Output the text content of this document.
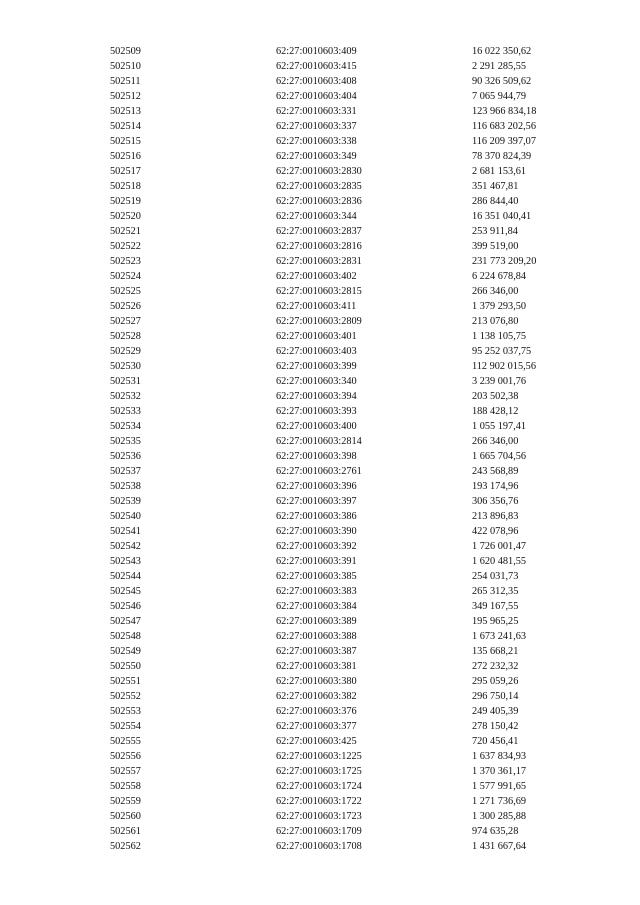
502509	62:27:0010603:409	16 022 350,62
502510	62:27:0010603:415	2 291 285,55
502511	62:27:0010603:408	90 326 509,62
502512	62:27:0010603:404	7 065 944,79
502513	62:27:0010603:331	123 966 834,18
502514	62:27:0010603:337	116 683 202,56
502515	62:27:0010603:338	116 209 397,07
502516	62:27:0010603:349	78 370 824,39
502517	62:27:0010603:2830	2 681 153,61
502518	62:27:0010603:2835	351 467,81
502519	62:27:0010603:2836	286 844,40
502520	62:27:0010603:344	16 351 040,41
502521	62:27:0010603:2837	253 911,84
502522	62:27:0010603:2816	399 519,00
502523	62:27:0010603:2831	231 773 209,20
502524	62:27:0010603:402	6 224 678,84
502525	62:27:0010603:2815	266 346,00
502526	62:27:0010603:411	1 379 293,50
502527	62:27:0010603:2809	213 076,80
502528	62:27:0010603:401	1 138 105,75
502529	62:27:0010603:403	95 252 037,75
502530	62:27:0010603:399	112 902 015,56
502531	62:27:0010603:340	3 239 001,76
502532	62:27:0010603:394	203 502,38
502533	62:27:0010603:393	188 428,12
502534	62:27:0010603:400	1 055 197,41
502535	62:27:0010603:2814	266 346,00
502536	62:27:0010603:398	1 665 704,56
502537	62:27:0010603:2761	243 568,89
502538	62:27:0010603:396	193 174,96
502539	62:27:0010603:397	306 356,76
502540	62:27:0010603:386	213 896,83
502541	62:27:0010603:390	422 078,96
502542	62:27:0010603:392	1 726 001,47
502543	62:27:0010603:391	1 620 481,55
502544	62:27:0010603:385	254 031,73
502545	62:27:0010603:383	265 312,35
502546	62:27:0010603:384	349 167,55
502547	62:27:0010603:389	195 965,25
502548	62:27:0010603:388	1 673 241,63
502549	62:27:0010603:387	135 668,21
502550	62:27:0010603:381	272 232,32
502551	62:27:0010603:380	295 059,26
502552	62:27:0010603:382	296 750,14
502553	62:27:0010603:376	249 405,39
502554	62:27:0010603:377	278 150,42
502555	62:27:0010603:425	720 456,41
502556	62:27:0010603:1225	1 637 834,93
502557	62:27:0010603:1725	1 370 361,17
502558	62:27:0010603:1724	1 577 991,65
502559	62:27:0010603:1722	1 271 736,69
502560	62:27:0010603:1723	1 300 285,88
502561	62:27:0010603:1709	974 635,28
502562	62:27:0010603:1708	1 431 667,64
